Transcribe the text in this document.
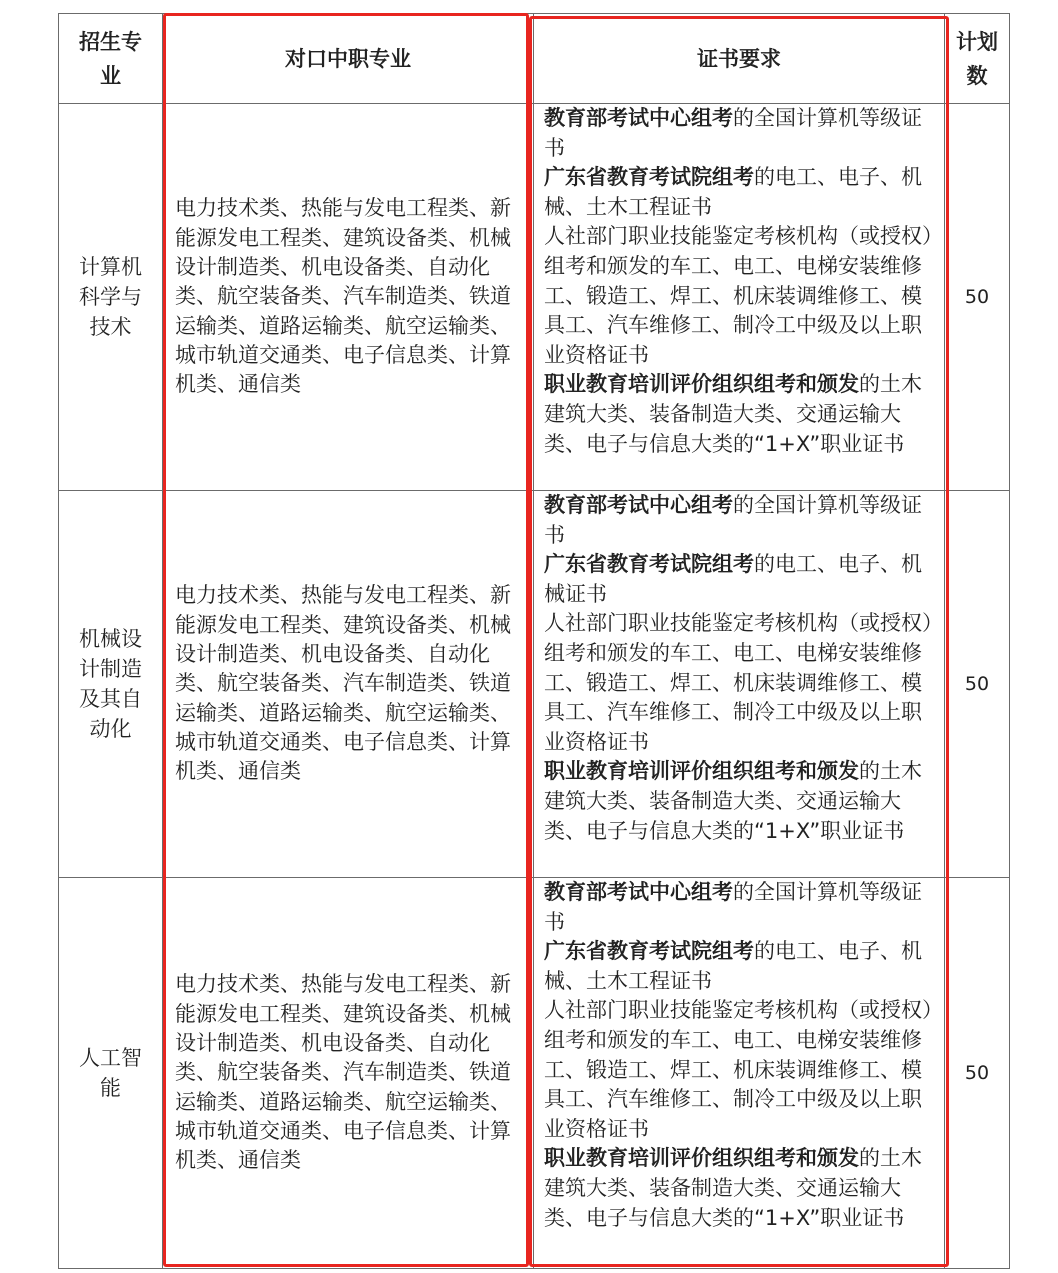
招生专业	对口中职专业	证书要求	计划数
计算机科学与技术	电力技术类、热能与发电工程类、新能源发电工程类、建筑设备类、机械设计制造类、机电设备类、自动化类、航空装备类、汽车制造类、铁道运输类、道路运输类、航空运输类、城市轨道交通类、电子信息类、计算机类、通信类	教育部考试中心组考的全国计算机等级证书

广东省教育考试院组考的电工、电子、机械、土木工程证书

人社部门职业技能鉴定考核机构（或授权）组考和颁发的车工、电工、电梯安装维修工、锻造工、焊工、机床装调维修工、模具工、汽车维修工、制冷工中级及以上职业资格证书

职业教育培训评价组织组考和颁发的土木建筑大类、装备制造大类、交通运输大类、电子与信息大类的“1+X”职业证书	50
机械设计制造及其自动化	电力技术类、热能与发电工程类、新能源发电工程类、建筑设备类、机械设计制造类、机电设备类、自动化类、航空装备类、汽车制造类、铁道运输类、道路运输类、航空运输类、城市轨道交通类、电子信息类、计算机类、通信类	教育部考试中心组考的全国计算机等级证书

广东省教育考试院组考的电工、电子、机械证书

人社部门职业技能鉴定考核机构（或授权）组考和颁发的车工、电工、电梯安装维修工、锻造工、焊工、机床装调维修工、模具工、汽车维修工、制冷工中级及以上职业资格证书

职业教育培训评价组织组考和颁发的土木建筑大类、装备制造大类、交通运输大类、电子与信息大类的“1+X”职业证书	50
人工智能	电力技术类、热能与发电工程类、新能源发电工程类、建筑设备类、机械设计制造类、机电设备类、自动化类、航空装备类、汽车制造类、铁道运输类、道路运输类、航空运输类、城市轨道交通类、电子信息类、计算机类、通信类	教育部考试中心组考的全国计算机等级证书

广东省教育考试院组考的电工、电子、机械、土木工程证书

人社部门职业技能鉴定考核机构（或授权）组考和颁发的车工、电工、电梯安装维修工、锻造工、焊工、机床装调维修工、模具工、汽车维修工、制冷工中级及以上职业资格证书

职业教育培训评价组织组考和颁发的土木建筑大类、装备制造大类、交通运输大类、电子与信息大类的“1+X”职业证书	50
